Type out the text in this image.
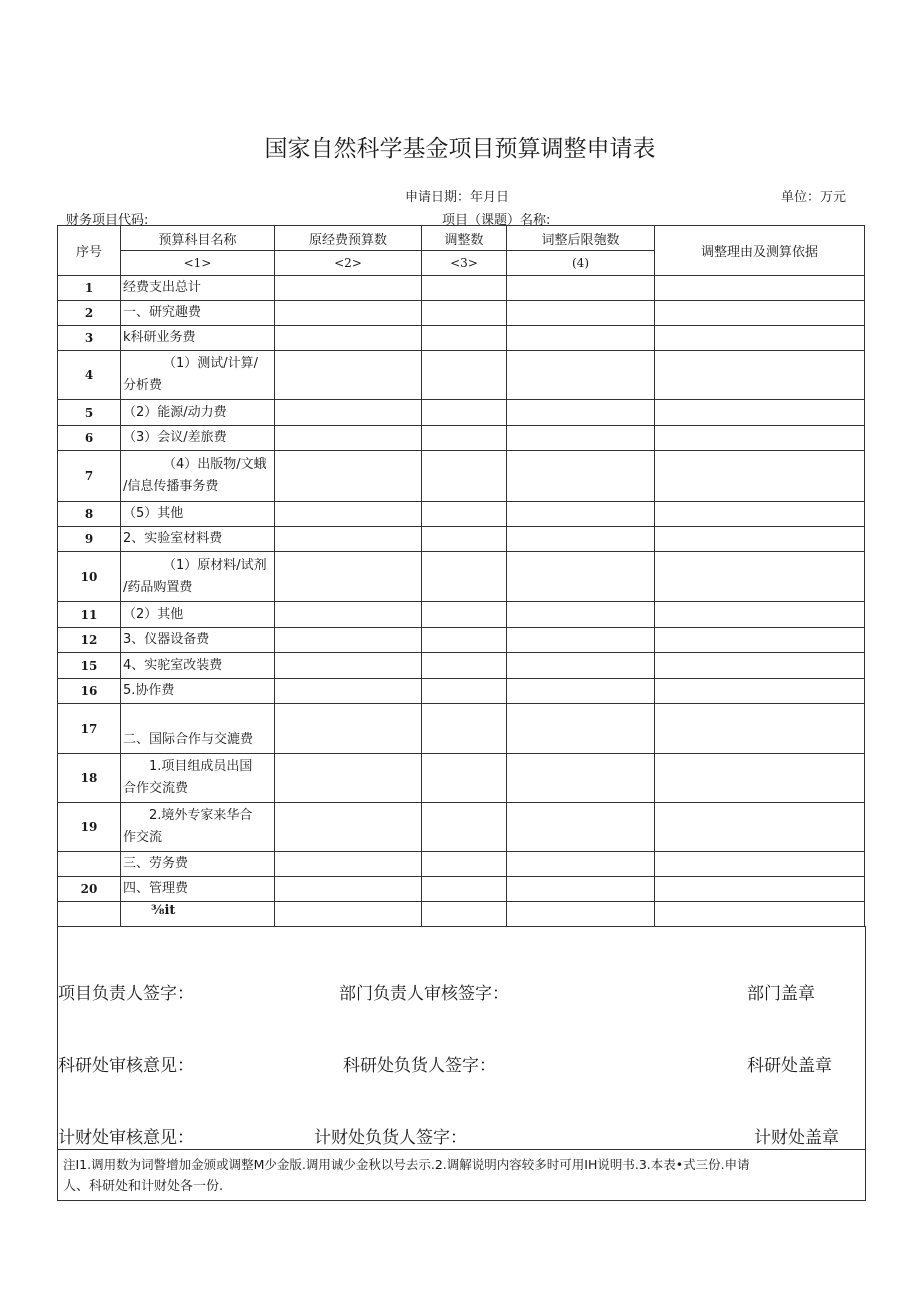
国家自然科学基金项目预算调整申请表
申请日期：年月日	单位：万元
财务项目代码:	项目（课题）名称:
序号	预算科目名称	原经费预算数	调整数	词整后限匏数	调整理由及测算依据
	<1>	<2>	<3>	(4)	
1	经费支出总计				
2	一、研究趣费				
3	k科研业务费				
4	（1）测试/计算/
分析费				

5	（2）能源/动力费				
6	（3）会议/差旅费				
7	（4）出版物/文蛾
/信息传播事务费				

8	（5）其他				
9	2、实验室材料费				
10	（1）原材料/试剂
/药品购置费				

11	（2）其他				
12	3、仪器设备费				
15	4、实驼室改装费				
16	5.协作费				
17	二、国际合作与交漉费				
18	1.项目组成员出国
合作交流费				

19	2.境外专家来华合
作交流				

	三、劳务费				
20	四、管理费				
	⅜it				
项目负责人签字：	部门负责人审核签字：	部门盖章
科研处审核意见：	科研处负货人签字：	科研处盖章
计财处审核意见：	计财处负货人签字：	计财处盖章
注I1.调用数为词瞥增加金颁或调整M少金版.调用诚少金秋以号去示.2.调解说明内容较多时可用IH说明书.3.本表•式三份.申请
人、科研处和计财处各一份.
